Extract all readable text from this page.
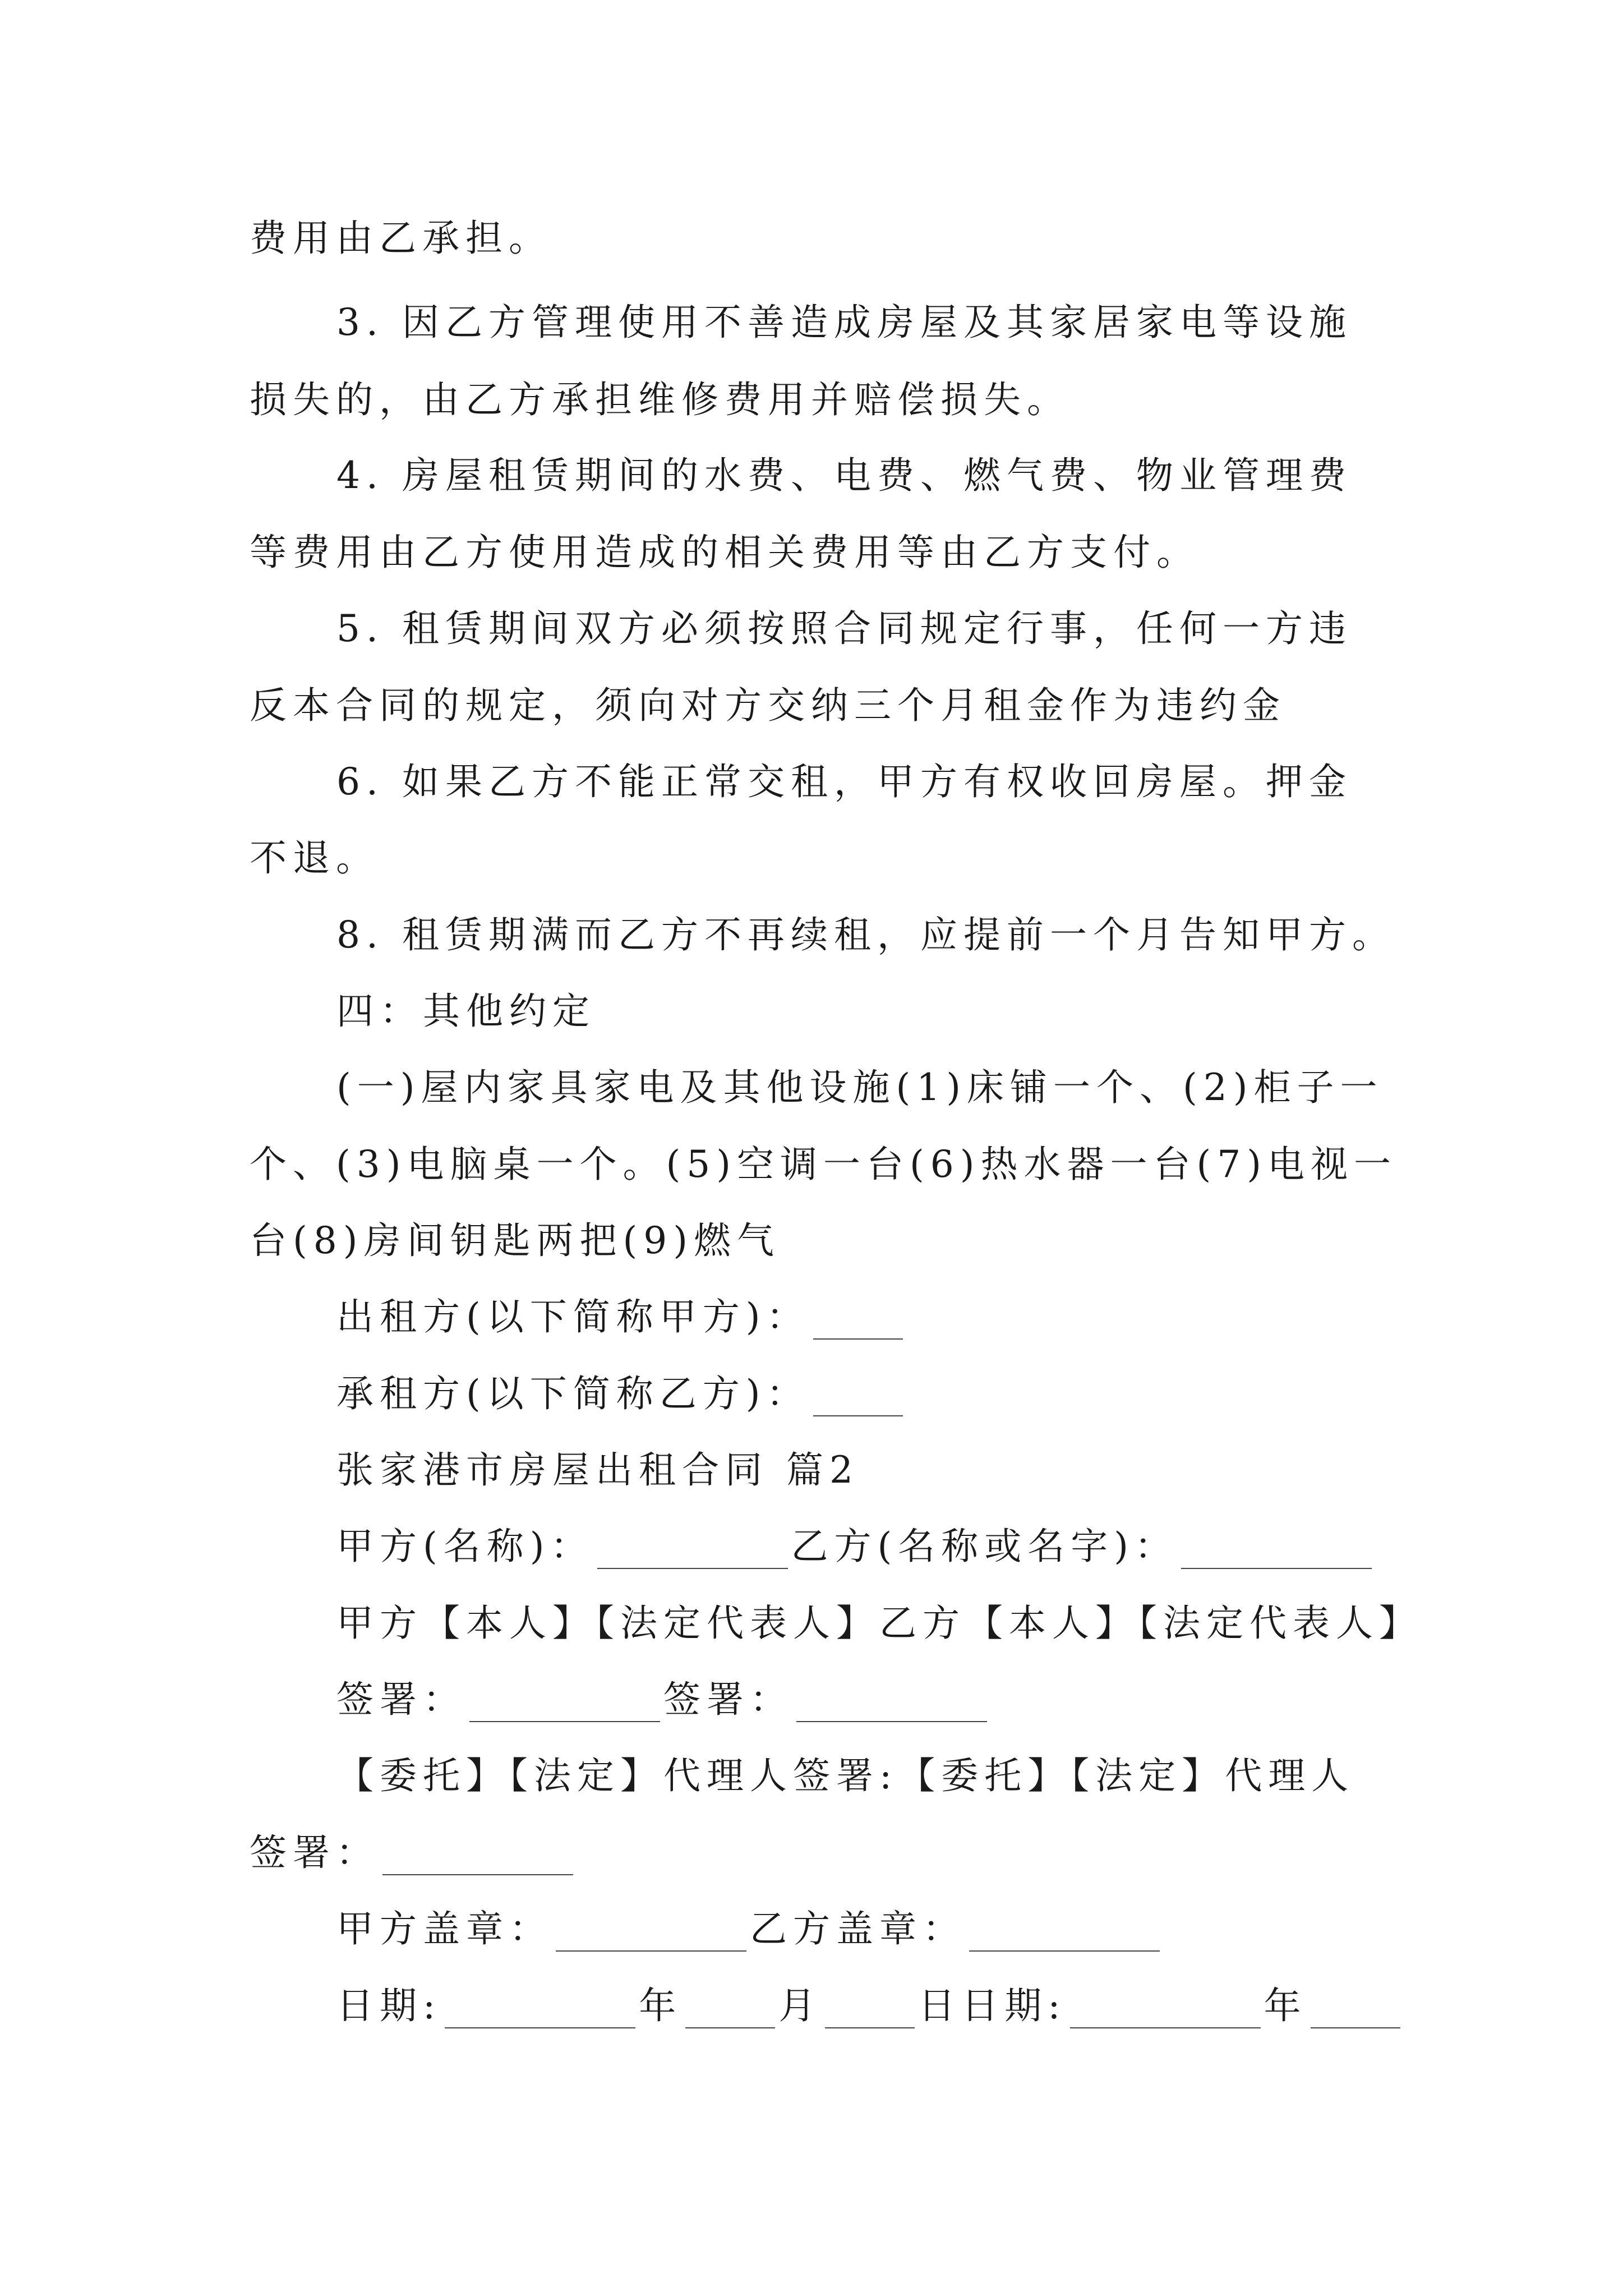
费用由乙承担。
3. 因乙方管理使用不善造成房屋及其家居家电等设施
损失的，由乙方承担维修费用并赔偿损失。
4. 房屋租赁期间的水费、电费、燃气费、物业管理费
等费用由乙方使用造成的相关费用等由乙方支付。
5. 租赁期间双方必须按照合同规定行事，任何一方违
反本合同的规定，须向对方交纳三个月租金作为违约金
6. 如果乙方不能正常交租，甲方有权收回房屋。押金
不退。
8. 租赁期满而乙方不再续租，应提前一个月告知甲方。
四：其他约定
(一)屋内家具家电及其他设施(1)床铺一个、(2)柜子一
个、(3)电脑桌一个。(5)空调一台(6)热水器一台(7)电视一
台(8)房间钥匙两把(9)燃气
出租方(以下简称甲方)：
承租方(以下简称乙方)：
张家港市房屋出租合同 篇2
甲方(名称)：	乙方(名称或名字)：
甲方【本人】【法定代表人】乙方【本人】【法定代表人】
签署：	签署：
【委托】【法定】代理人签署:【委托】【法定】代理人
签署：
甲方盖章：	乙方盖章：
日期:	年	月	日日期:	年
